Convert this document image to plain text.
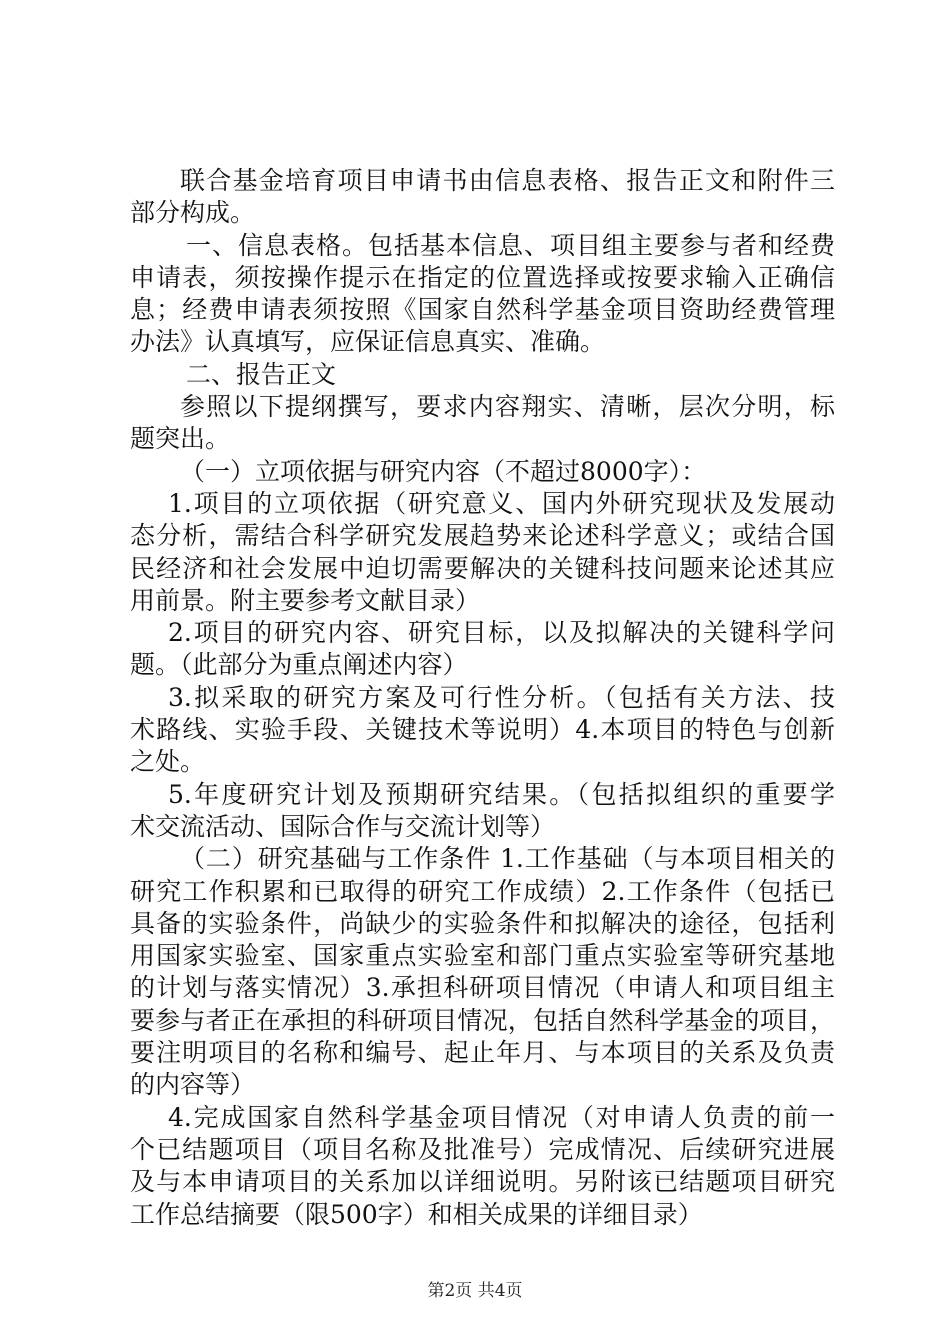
联合基金培育项目申请书由信息表格、报告正文和附件三
部分构成。
一、信息表格。包括基本信息、项目组主要参与者和经费
申请表，须按操作提示在指定的位置选择或按要求输入正确信
息；经费申请表须按照《国家自然科学基金项目资助经费管理
办法》认真填写，应保证信息真实、准确。
二、报告正文
参照以下提纲撰写，要求内容翔实、清晰，层次分明，标
题突出。
（一）立项依据与研究内容（不超过8000字）：
1.项目的立项依据（研究意义、国内外研究现状及发展动
态分析，需结合科学研究发展趋势来论述科学意义；或结合国
民经济和社会发展中迫切需要解决的关键科技问题来论述其应
用前景。附主要参考文献目录）
2.项目的研究内容、研究目标，以及拟解决的关键科学问
题。（此部分为重点阐述内容）
3.拟采取的研究方案及可行性分析。（包括有关方法、技
术路线、实验手段、关键技术等说明）4.本项目的特色与创新
之处。
5.年度研究计划及预期研究结果。（包括拟组织的重要学
术交流活动、国际合作与交流计划等）
（二）研究基础与工作条件 1.工作基础（与本项目相关的
研究工作积累和已取得的研究工作成绩）2.工作条件（包括已
具备的实验条件，尚缺少的实验条件和拟解决的途径，包括利
用国家实验室、国家重点实验室和部门重点实验室等研究基地
的计划与落实情况）3.承担科研项目情况（申请人和项目组主
要参与者正在承担的科研项目情况，包括自然科学基金的项目，
要注明项目的名称和编号、起止年月、与本项目的关系及负责
的内容等）
4.完成国家自然科学基金项目情况（对申请人负责的前一
个已结题项目（项目名称及批准号）完成情况、后续研究进展
及与本申请项目的关系加以详细说明。另附该已结题项目研究
工作总结摘要（限500字）和相关成果的详细目录）
第2页 共4页
